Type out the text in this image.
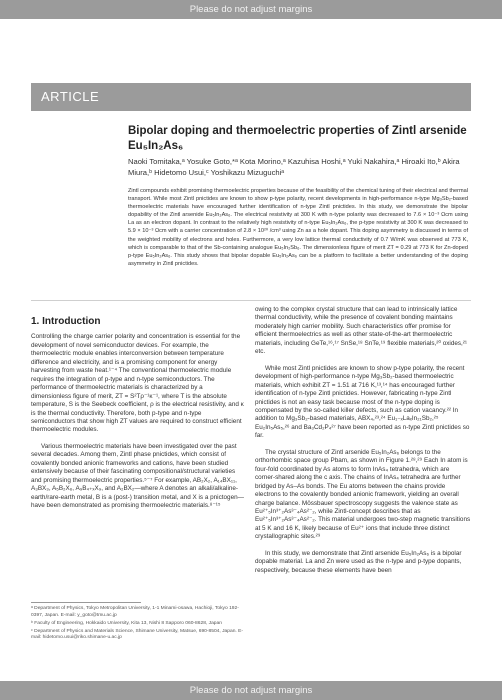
Please do not adjust margins
ARTICLE
Bipolar doping and thermoelectric properties of Zintl arsenide
Eu₅In₂As₆
Naoki Tomitaka,ᵃ Yosuke Goto,*ᵃ Kota Morino,ᵃ Kazuhisa Hoshi,ᵃ Yuki Nakahira,ᵃ Hiroaki Ito,ᵇ Akira Miura,ᵇ Hidetomo Usui,ᶜ Yoshikazu Mizuguchiᵃ
Zintl compounds exhibit promising thermoelectric properties because of the feasibility of the chemical tuning of their electrical and thermal transport. While most Zintl pnictides are known to show p-type polarity, recent developments in high-performance n-type Mg₃Sb₂-based thermoelectric materials have encouraged further identification of n-type Zintl pnictides. In this study, we demonstrate the bipolar dopability of the Zintl arsenide Eu₅In₂As₆. The electrical resistivity at 300 K with n-type polarity was decreased to 7.6 × 10⁻³ Ωcm using La as an electron dopant. In contrast to the relatively high resistivity of n-type Eu₅In₂As₆, the p-type resistivity at 300 K was decreased to 5.9 × 10⁻³ Ωcm with a carrier concentration of 2.8 × 10²⁰ /cm³ using Zn as a hole dopant. This doping asymmetry is discussed in terms of the weighted mobility of electrons and holes. Furthermore, a very low lattice thermal conductivity of 0.7 W/mK was observed at 773 K, which is comparable to that of the Sb-containing analogue Eu₅In₂Sb₆. The dimensionless figure of merit ZT = 0.29 at 773 K for Zn-doped p-type Eu₅In₂As₆. This study shows that bipolar dopable Eu₅In₂As₆ can be a platform to facilitate a better understanding of the doping asymmetry in Zintl pnictides.
1. Introduction

Controlling the charge carrier polarity and concentration is essential for the development of novel semiconductor devices. For example, the thermoelectric module enables interconversion between temperature difference and electricity, and is a promising component for energy harvesting from waste heat.¹⁻⁴ The conventional thermoelectric module requires the integration of p-type and n-type semiconductors. The performance of thermoelectric materials is characterized by a dimensionless figure of merit, ZT = S²Tρ⁻¹κ⁻¹, where T is the absolute temperature, S is the Seebeck coefficient, ρ is the electrical resistivity, and κ is the thermal conductivity. Therefore, both p-type and n-type semiconductors that show high ZT values are required to construct efficient thermoelectric modules.

Various thermoelectric materials have been investigated over the past several decades. Among them, Zintl phase pnictides, which consist of covalently bonded anionic frameworks and cations, have been studied extensively because of their fascinating compositional/structural varieties and promising thermoelectric properties.⁵⁻⁷ For example, AB₂X₂, A₁₄BX₁₁, A₃BX₃, A₅B₂X₆, A₉B₄₊ₓX₉, and A₂BX₂—where A denotes an alkali/alkaline-earth/rare-earth metal, B is a (post-) transition metal, and X is a pnictogen—have been demonstrated as promising thermoelectric materials.⁸⁻¹⁵

owing to the complex crystal structure that can lead to intrinsically lattice thermal conductivity, while the presence of covalent bonding maintains moderately high carrier mobility. Such characteristics offer promise for efficient thermoelectrics as well as other state-of-the-art thermoelectric materials, including GeTe,¹⁶,¹⁷ SnSe,¹⁸ SnTe,¹⁹ flexible materials,²⁰ oxides,²¹ etc.

While most Zintl pnictides are known to show p-type polarity, the recent development of high-performance n-type Mg₃Sb₂-based thermoelectric materials, which exhibit ZT = 1.51 at 716 K,¹³,¹⁴ has encouraged further identification of n-type Zintl pnictides. However, fabricating n-type Zintl pnictides is not an easy task because most of the n-type doping is compensated by the so-called killer defects, such as cation vacancy.²² In addition to Mg₃Sb₂-based materials, ABX₄,²³,²⁴ Eu₁₋ₓLaₓIn₂₁Sb₂,²⁵ Eu₂In₅As₅,²⁶ and Ba₃Cd₂P₄²⁷ have been reported as n-type Zintl pnictides so far.

The crystal structure of Zintl arsenide Eu₅In₂As₆ belongs to the orthorhombic space group Pbam, as shown in Figure 1.²⁸,²⁹ Each In atom is four-fold coordinated by As atoms to form InAs₄ tetrahedra, which are corner-shared along the c axis. The chains of InAs₄ tetrahedra are further bridged by As–As bonds. The Eu atoms between the chains provide electrons to the covalently bonded anionic framework, yielding an overall charge balance. Mössbauer spectroscopy suggests the valence state as Eu²⁺₅In³⁺₂As³⁻₄As²⁻₂, while Zintl-concept describes that as Eu²⁺₅In³⁺₂As³⁻₄As²⁻₂. This material undergoes two-step magnetic transitions at 5 K and 16 K, likely because of Eu²⁺ ions that include three distinct crystallographic sites.²⁹

In this study, we demonstrate that Zintl arsenide Eu₅In₂As₆ is a bipolar dopable material. La and Zn were used as the n-type and p-type dopants, respectively, because these elements have been

ᵃ Department of Physics, Tokyo Metropolitan University, 1-1 Minami-osawa, Hachioji, Tokyo 192-0397, Japan. E-mail: y_goto@tmu.ac.jp
ᵇ Faculty of Engineering, Hokkaido University, Kita 13, Nishi 8 Sapporo 060-8628, Japan
ᶜ Department of Physics and Materials Science, Shimane University, Matsue, 690-8504, Japan. E-mail: hidetomo.usui@riko.shimane-u.ac.jp
Please do not adjust margins
